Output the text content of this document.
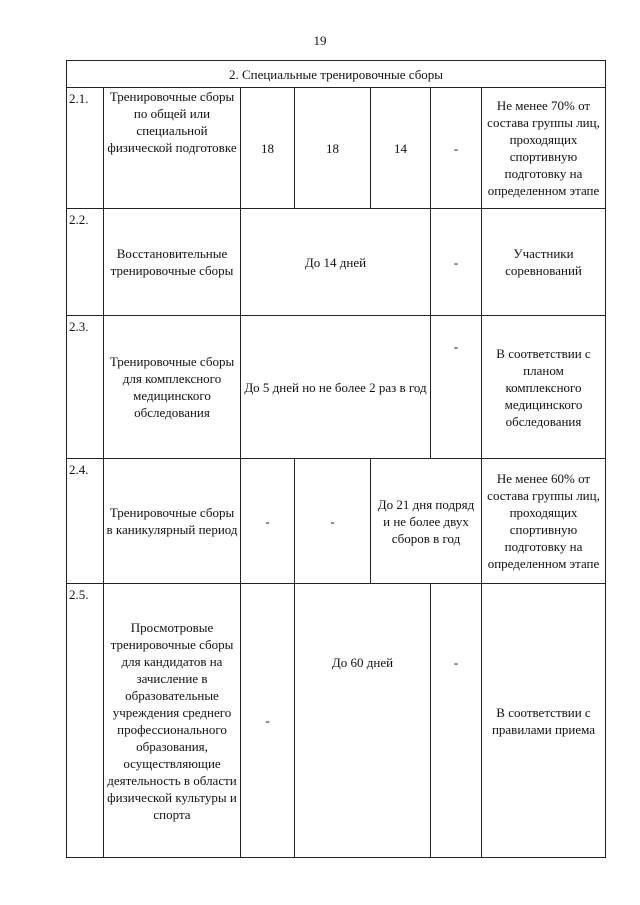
19
2. Специальные тренировочные сборы						
2.1.	Тренировочные сборы по общей или специальной физической подготовке	18	18	14	-	Не менее 70% от состава группы лиц, проходящих спортивную подготовку на определенном этапе
2.2.	Восстановительные тренировочные сборы	До 14 дней			-	Участники соревнований
2.3.	Тренировочные сборы для комплексного медицинского обследования	До 5 дней но не более 2 раз в год			-	В соответствии с планом комплексного медицинского обследования
2.4.	Тренировочные сборы в каникулярный период	-	-	До 21 дня подряд и не более двух сборов в год		Не менее 60% от состава группы лиц, проходящих спортивную подготовку на определенном этапе
2.5.	Просмотровые тренировочные сборы для кандидатов на зачисление в образовательные учреждения среднего профессионального образования, осуществляющие деятельность в области физической культуры и спорта	-	До 60 дней		-	В соответствии с правилами приема
